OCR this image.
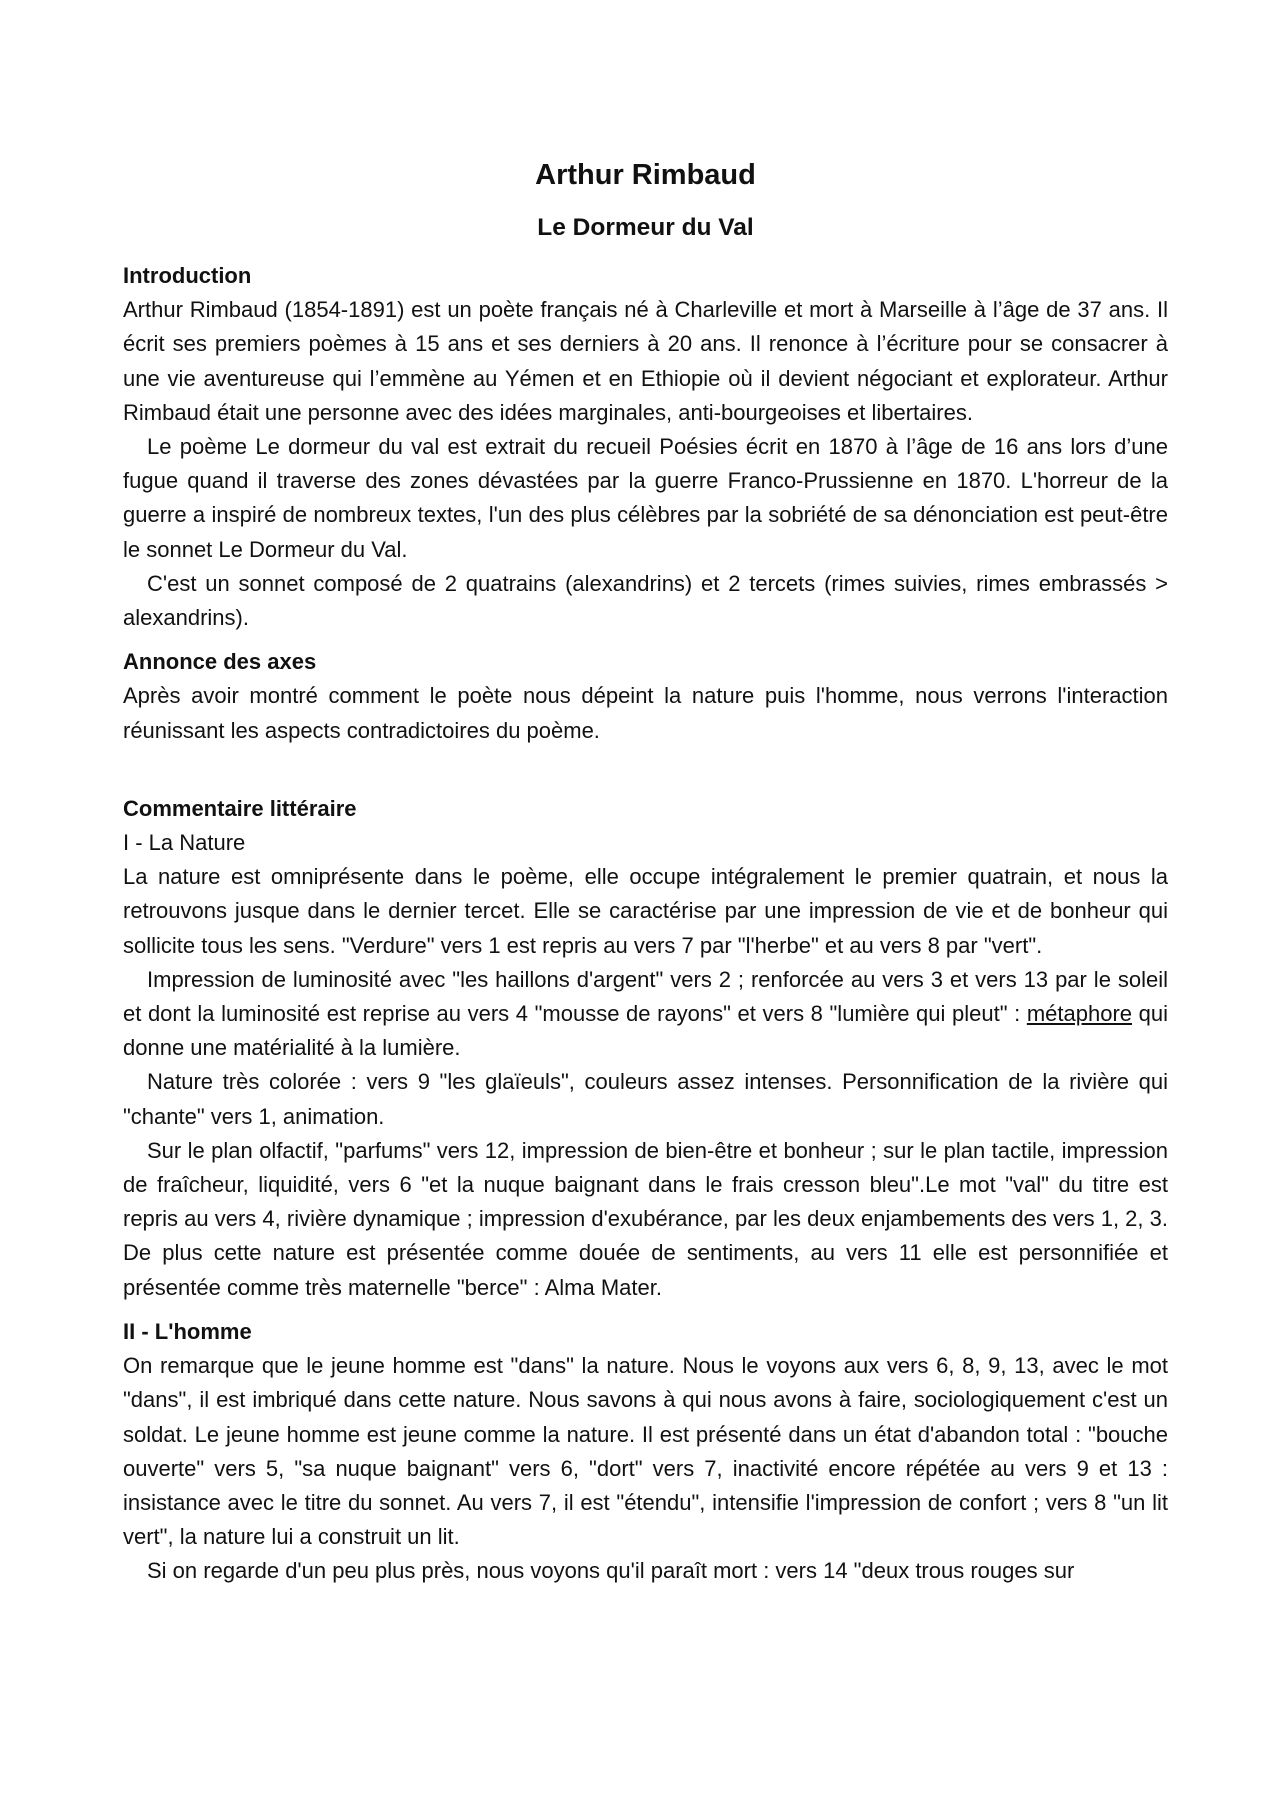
Arthur Rimbaud
Le Dormeur du Val
Introduction

Arthur Rimbaud (1854-1891) est un poète français né à Charleville et mort à Marseille à l’âge de 37 ans. Il écrit ses premiers poèmes à 15 ans et ses derniers à 20 ans. Il renonce à l’écriture pour se consacrer à une vie aventureuse qui l’emmène au Yémen et en Ethiopie où il devient négociant et explorateur. Arthur Rimbaud était une personne avec des idées marginales, anti-bourgeoises et libertaires.

Le poème Le dormeur du val est extrait du recueil Poésies écrit en 1870 à l’âge de 16 ans lors d’une fugue quand il traverse des zones dévastées par la guerre Franco-Prussienne en 1870. L'horreur de la guerre a inspiré de nombreux textes, l'un des plus célèbres par la sobriété de sa dénonciation est peut-être le sonnet Le Dormeur du Val.

C'est un sonnet composé de 2 quatrains (alexandrins) et 2 tercets (rimes suivies, rimes embrassés > alexandrins).

Annonce des axes

Après avoir montré comment le poète nous dépeint la nature puis l'homme, nous verrons l'interaction réunissant les aspects contradictoires du poème.

Commentaire littéraire
I - La Nature

La nature est omniprésente dans le poème, elle occupe intégralement le premier quatrain, et nous la retrouvons jusque dans le dernier tercet. Elle se caractérise par une impression de vie et de bonheur qui sollicite tous les sens. "Verdure" vers 1 est repris au vers 7 par "l'herbe" et au vers 8 par "vert".

Impression de luminosité avec "les haillons d'argent" vers 2 ; renforcée au vers 3 et vers 13 par le soleil et dont la luminosité est reprise au vers 4 "mousse de rayons" et vers 8 "lumière qui pleut" : métaphore qui donne une matérialité à la lumière.

Nature très colorée : vers 9 "les glaïeuls", couleurs assez intenses. Personnification de la rivière qui "chante" vers 1, animation.

Sur le plan olfactif, "parfums" vers 12, impression de bien-être et bonheur ; sur le plan tactile, impression de fraîcheur, liquidité, vers 6 "et la nuque baignant dans le frais cresson bleu".Le mot "val" du titre est repris au vers 4, rivière dynamique ; impression d'exubérance, par les deux enjambements des vers 1, 2, 3. De plus cette nature est présentée comme douée de sentiments, au vers 11 elle est personnifiée et présentée comme très maternelle "berce" : Alma Mater.

II - L'homme

On remarque que le jeune homme est "dans" la nature. Nous le voyons aux vers 6, 8, 9, 13, avec le mot "dans", il est imbriqué dans cette nature. Nous savons à qui nous avons à faire, sociologiquement c'est un soldat. Le jeune homme est jeune comme la nature. Il est présenté dans un état d'abandon total : "bouche ouverte" vers 5, "sa nuque baignant" vers 6, "dort" vers 7, inactivité encore répétée au vers 9 et 13 : insistance avec le titre du sonnet. Au vers 7, il est "étendu", intensifie l'impression de confort ; vers 8 "un lit vert", la nature lui a construit un lit.

Si on regarde d'un peu plus près, nous voyons qu'il paraît mort : vers 14 "deux trous rouges sur
